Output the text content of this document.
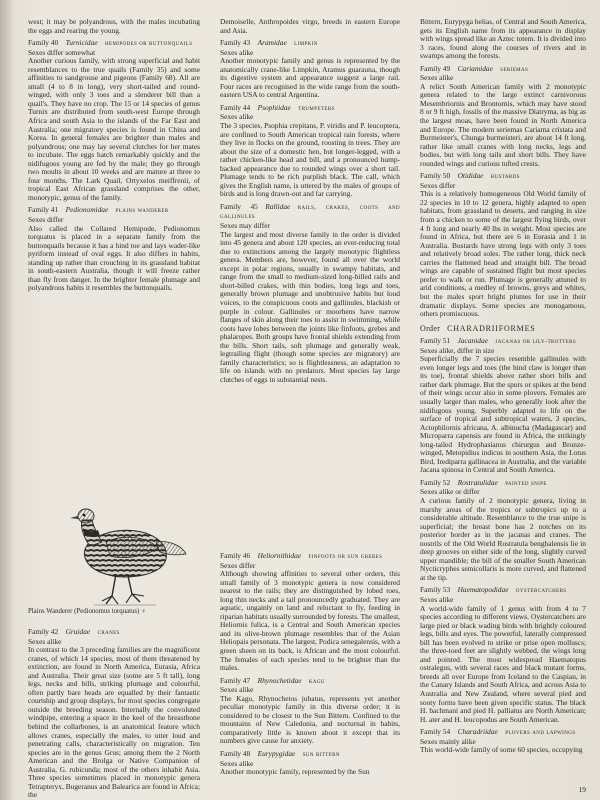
west; it may be polyandrous, with the males incubating the eggs and rearing the young.

Family 40  Turnicidae  hemipodes or buttonquails

Sexes differ somewhat

Another curious family, with strong superficial and habit resemblances to the true quails (Family 35) and some affinities to sandgrouse and pigeons (Family 68). All are small (4 to 8 in long), very short-tailed and round-winged, with only 3 toes and a slenderer bill than a quail's. They have no crop. The 15 or 14 species of genus Turnix are distributed from south-west Europe through Africa and south Asia to the islands of the Far East and Australia; one migratory species is found in China and Korea. In general females are brighter than males and polyandrous; one may lay several clutches for her mates to incubate. The eggs hatch remarkably quickly and the nidifugous young are fed by the male; they go through two moults in about 10 weeks and are mature at three to four months. The Lark Quail, Ortyxelos meiffrenii, of tropical East African grassland comprises the other, monotypic, genus of the family.

Family 41  Pedionomidae  plains wanderer

Sexes differ

Also called the Collared Hemipode, Pedionomus torquatus is placed in a separate family from the buttonquails because it has a hind toe and lays wader-like pyriform instead of oval eggs. It also differs in habits, standing up rather than crouching in its grassland habitat in south-eastern Australia, though it will freeze rather than fly from danger. In the brighter female plumage and polyandrous habits it resembles the buttonquails.

Plains Wanderer (Pedionomus torquatus) ♀

Family 42  Gruidae  cranes

Sexes alike

In contrast to the 3 preceding families are the magnificent cranes, of which 14 species, most of them threatened by extinction, are found in North America, Eurasia, Africa and Australia. Their great size (some are 5 ft tall), long legs, necks and bills, striking plumage and colourful, often partly bare heads are equalled by their fantastic courtship and group displays, for most species congregate outside the breeding season. Internally the convoluted windpipe, entering a space in the keel of the breastbone behind the collarbones, is an anatomical feature which allows cranes, especially the males, to utter loud and penetrating calls, characteristically on migration. Ten species are in the genus Grus; among them the 2 North American and the Brolga or Native Companion of Australia, G. rubicunda; most of the others inhabit Asia. Three species sometimes placed in monotypic genera Tetrapteryx, Bugeranus and Balearica are found in Africa; the

Demoiselle, Anthropoides virgo, breeds in eastern Europe and Asia.

Family 43  Aramidae  limpkin

Sexes alike

Another monotypic family and genus is represented by the anatomically crane-like Limpkin, Aramus guarauna, though its digestive system and appearance suggest a large rail. Four races are recognised in the wide range from the south-eastern USA to central Argentina.

Family 44  Psophiidae  trumpeters

Sexes alike

The 3 species, Psophia crepitans, P. viridis and P. leucoptera, are confined to South American tropical rain forests, where they live in flocks on the ground, roosting in trees. They are about the size of a domestic hen, but longer-legged, with a rather chicken-like head and bill, and a pronounced hump-backed appearance due to rounded wings over a short tail. Plumage tends to be rich purplish black. The call, which gives the English name, is uttered by the males of groups of birds and is long drawn-out and far carrying.

Family 45  Rallidae  rails, crakes, coots and gallinules

Sexes may differ

The largest and most diverse family in the order is divided into 45 genera and about 120 species, an ever-reducing total due to extinctions among the largely monotypic flightless genera. Members are, however, found all over the world except in polar regions, usually in swampy habitats, and range from the small to medium-sized long-billed rails and short-billed crakes, with thin bodies, long legs and toes, generally brown plumage and unobtrusive habits but loud voices, to the conspicuous coots and gallinules, blackish or purple in colour. Gallinules or moorhens have narrow flanges of skin along their toes to assist in swimming, while coots have lobes between the joints like finfoots, grebes and phalaropes. Both groups have frontal shields extending from the bills. Short tails, soft plumage and generally weak, legtrailing flight (though some species are migratory) are family characteristics; so is flightlessness, an adaptation to life on islands with no predators. Most species lay large clutches of eggs in substantial nests.

Family 46  Heliornithidae  finfoots or sun grebes

Sexes differ

Although showing affinities to several other orders, this small family of 3 monotypic genera is now considered nearest to the rails; they are distinguished by lobed toes, long thin necks and a tail pronouncedly graduated. They are aquatic, ungainly on land and reluctant to fly, feeding in riparian habitats usually surrounded by forests. The smallest, Heliornis fulica, is a Central and South American species and its olive-brown plumage resembles that of the Asian Heliopais personata. The largest, Podica senegalensis, with a green sheen on its back, is African and the most colourful. The females of each species tend to be brighter than the males.

Family 47  Rhynochetidae  kagu

Sexes alike

The Kagu, Rhynochetos jubatus, represents yet another peculiar monotypic family in this diverse order; it is considered to be closest to the Sun Bittern. Confined to the mountains of New Caledonia, and nocturnal in habits, comparatively little is known about it except that its numbers give cause for anxiety.

Family 48  Eurypygidae  sun bittern

Sexes alike

Another monotypic family, represented by the Sun

Bittern, Eurypyga helias, of Central and South America, gets its English name from its appearance in display with wings spread like an Aztec totem. It is divided into 3 races, found along the courses of rivers and in swamps among the forests.

Family 49  Cariamidae  seriemas

Sexes alike

A relict South American family with 2 monotypic genera related to the large extinct carnivorous Mesembriornis and Brontornis, which may have stood 8 or 9 ft high, fossils of the massive Diatryma, as big as the largest moas, have been found in North America and Europe. The modern seriemas Cariama cristata and Burmeister's, Chunga burmeisteri, are about 14 ft long, rather like small cranes with long necks, legs and bodies, but with long tails and short bills. They have rounded wings and curious tufted crests.

Family 50  Otididae  bustards

Sexes differ

This is a relatively homogeneous Old World family of 22 species in 10 to 12 genera, highly adapted to open habitats, from grassland to deserts, and ranging in size from a chicken to some of the largest flying birds, over 4 ft long and nearly 40 lbs in weight. Most species are found in Africa, but there are 6 in Eurasia and 1 in Australia. Bustards have strong legs with only 3 toes and relatively broad soles. The rather long, thick neck carries the flattened head and straight bill. The broad wings are capable of sustained flight but most species prefer to walk or run. Plumage is generally attuned to arid conditions, a medley of browns, greys and whites, but the males sport bright plumes for use in their dramatic displays. Some species are monogamous, others promiscuous.

Order CHARADRIIFORMES

Family 51  Jacanidae  jacanas or lily-trotters

Sexes alike, differ in size

Superficially the 7 species resemble gallinules with even longer legs and toes (the hind claw is longer than its toe), frontal shields above rather short bills and rather dark plumage. But the spurs or spikes at the bend of their wings occur also in some plovers. Females are usually larger than males, who generally look after the nidifugous young. Superbly adapted to life on the surface of tropical and subtropical waters, 3 species, Actophilornis africana, A. albinucha (Madagascar) and Microparra capensis are found in Africa, the strikingly long-tailed Hydrophasianus chirurgus and Bronze-winged, Metopidius indicus in southern Asia, the Lotus Bird, Irediparra gallinacea in Australia, and the variable Jacana spinosa in Central and South America.

Family 52  Rostratulidae  painted snipe

Sexes alike or differ

A curious family of 2 monotypic genera, living in marshy areas of the tropics or subtropics up to a considerable altitude. Resemblance to the true snipe is superficial; the breast bone has 2 notches on its posterior border as in the jacanas and cranes. The nostrils of the Old World Rostratula benghalensis lie in deep grooves on either side of the long, slightly curved upper mandible; the bill of the smaller South American Nycticryphes semicollaris is more curved, and flattened at the tip.

Family 53  Haematopodidae  oystercatchers

Sexes alike

A world-wide family of 1 genus with from 4 to 7 species according to different views. Oystercatchers are large pied or black wading birds with brightly coloured legs, bills and eyes. The powerful, laterally compressed bill has been evolved to strike or prise open molluscs; the three-toed feet are slightly webbed, the wings long and pointed. The most widespread Haematopus ostralegus, with several races and black mutant forms, breeds all over Europe from Iceland to the Caspian, in the Canary Islands and South Africa, and across Asia to Australia and New Zealand, where several pied and sooty forms have been given specific status. The black H. bachmani and pied H. palliatus are North American; H. ater and H. leucopodus are South American.

Family 54  Charadriidae  plovers and lapwings

Sexes mainly alike

This world-wide family of some 60 species, occupying

19
